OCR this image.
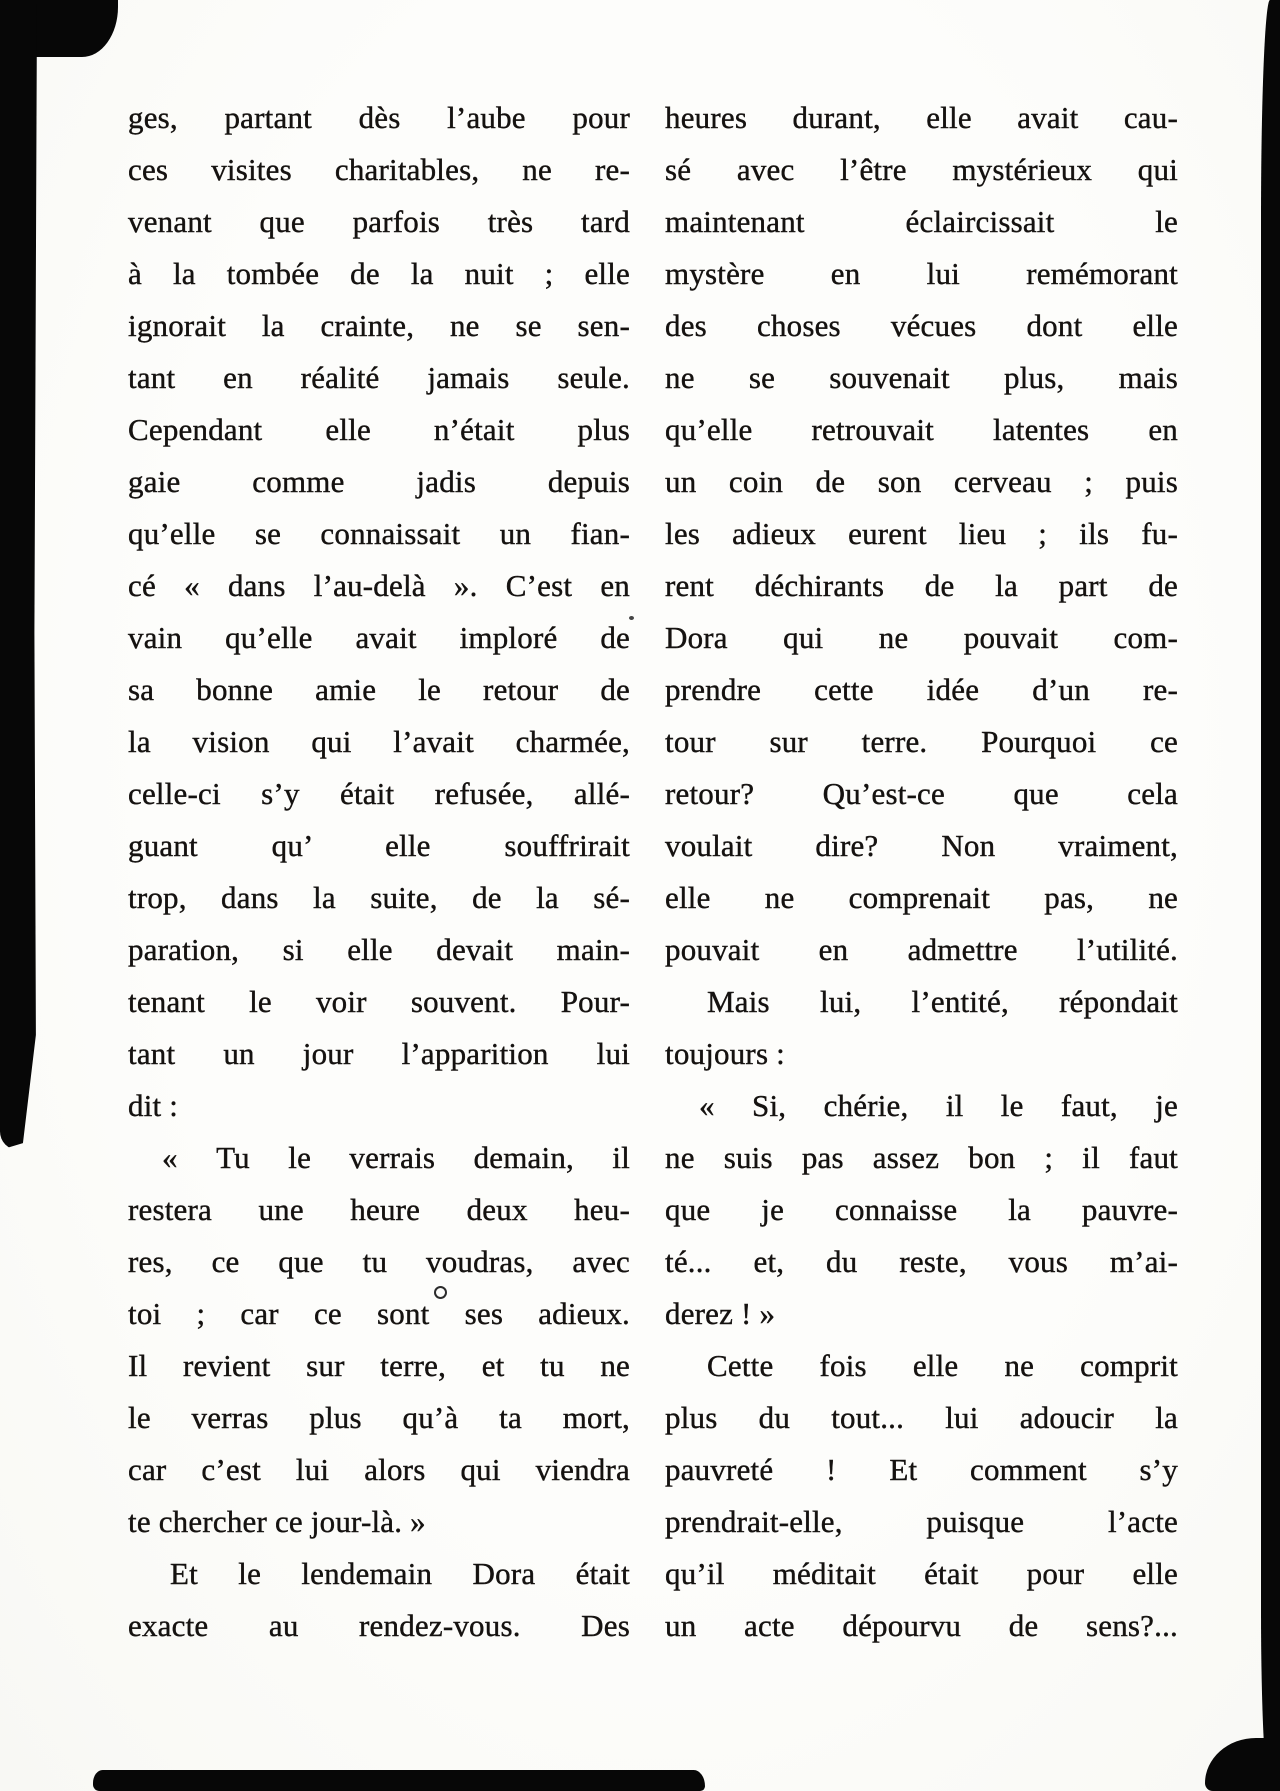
ges, partant dès l’aube pour
ces visites charitables, ne re-
venant que parfois très tard
à la tombée de la nuit ; elle
ignorait la crainte, ne se sen-
tant en réalité jamais seule.
Cependant elle n’était plus
gaie comme jadis depuis
qu’elle se connaissait un fian-
cé « dans l’au-delà ». C’est en
vain qu’elle avait imploré de
sa bonne amie le retour de
la vision qui l’avait charmée,
celle-ci s’y était refusée, allé-
guant qu’ elle souffrirait
trop, dans la suite, de la sé-
paration, si elle devait main-
tenant le voir souvent. Pour-
tant un jour l’apparition lui
dit :
« Tu le verrais demain, il
restera une heure deux heu-
res, ce que tu voudras, avec
toi ; car ce sont ses adieux.
Il revient sur terre, et tu ne
le verras plus qu’à ta mort,
car c’est lui alors qui viendra
te chercher ce jour-là. »
Et le lendemain Dora était
exacte au rendez-vous. Des
heures durant, elle avait cau-
sé avec l’être mystérieux qui
maintenant éclaircissait le
mystère en lui remémorant
des choses vécues dont elle
ne se souvenait plus, mais
qu’elle retrouvait latentes en
un coin de son cerveau ; puis
les adieux eurent lieu ; ils fu-
rent déchirants de la part de
Dora qui ne pouvait com-
prendre cette idée d’un re-
tour sur terre. Pourquoi ce
retour? Qu’est-ce que cela
voulait dire? Non vraiment,
elle ne comprenait pas, ne
pouvait en admettre l’utilité.
Mais lui, l’entité, répondait
toujours :
« Si, chérie, il le faut, je
ne suis pas assez bon ; il faut
que je connaisse la pauvre-
té... et, du reste, vous m’ai-
derez ! »
Cette fois elle ne comprit
plus du tout... lui adoucir la
pauvreté ! Et comment s’y
prendrait-elle, puisque l’acte
qu’il méditait était pour elle
un acte dépourvu de sens?...
